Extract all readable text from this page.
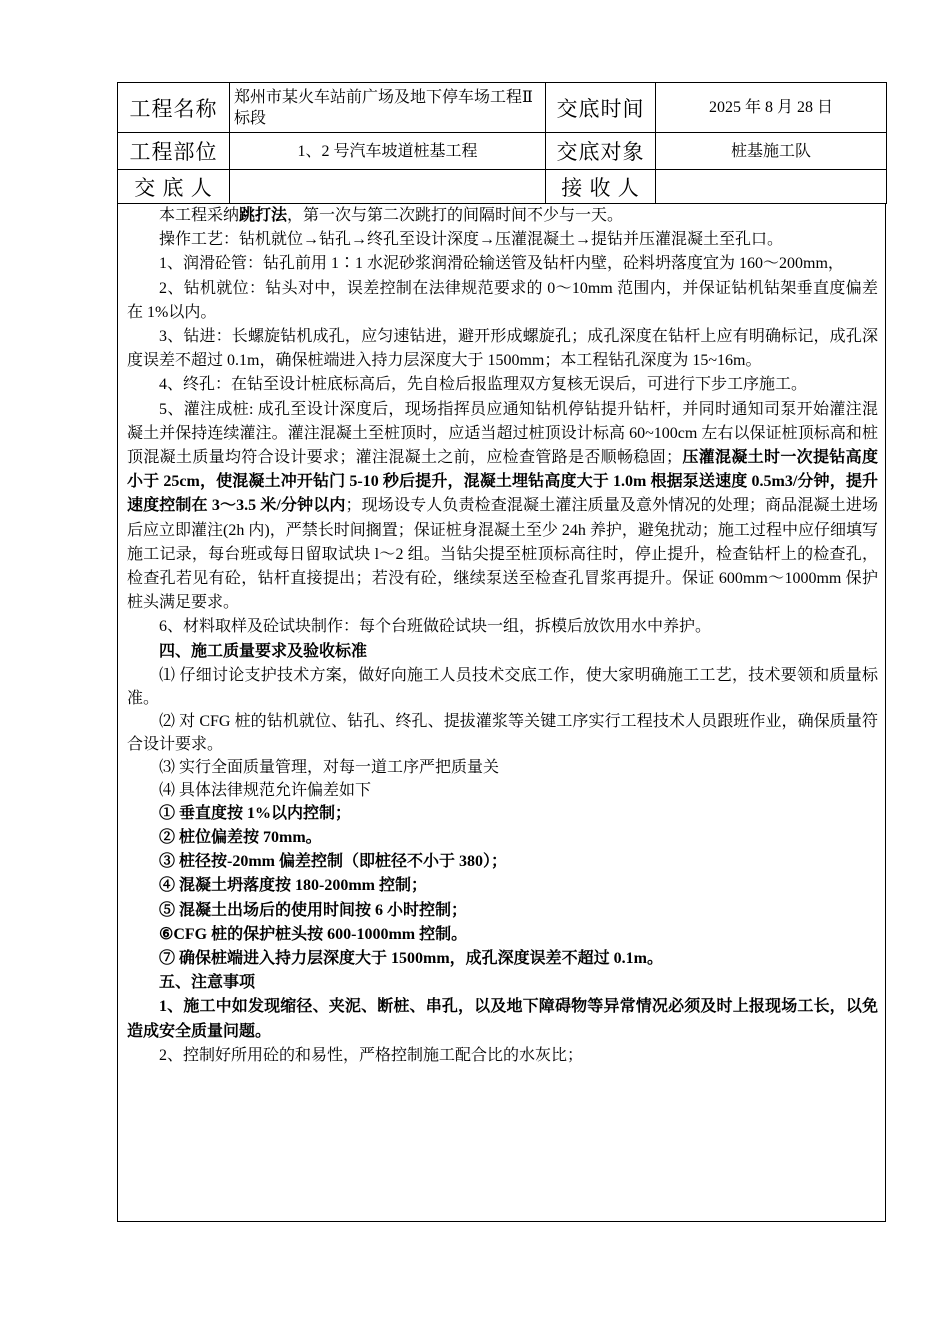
工程名称	郑州市某火车站前广场及地下停车场工程Ⅱ标段	交底时间	2025 年 8 月 28 日
工程部位	1、2 号汽车坡道桩基工程	交底对象	桩基施工队
交 底 人		接 收 人	

本工程采纳跳打法，第一次与第二次跳打的间隔时间不少与一天。

操作工艺：钻机就位→钻孔→终孔至设计深度→压灌混凝土→提钻并压灌混凝土至孔口。

1、润滑砼管：钻孔前用 1∶1 水泥砂浆润滑砼输送管及钻杆内壁，砼料坍落度宜为 160～200mm，

2、钻机就位：钻头对中，误差控制在法律规范要求的 0～10mm 范围内，并保证钻机钻架垂直度偏差在 1%以内。

3、钻进：长螺旋钻机成孔，应匀速钻进，避开形成螺旋孔；成孔深度在钻杆上应有明确标记，成孔深度误差不超过 0.1m，确保桩端进入持力层深度大于 1500mm；本工程钻孔深度为 15~16m。

4、终孔：在钻至设计桩底标高后，先自检后报监理双方复核无误后，可进行下步工序施工。

5、灌注成桩: 成孔至设计深度后，现场指挥员应通知钻机停钻提升钻杆，并同时通知司泵开始灌注混凝土并保持连续灌注。灌注混凝土至桩顶时，应适当超过桩顶设计标高 60~100cm 左右以保证桩顶标高和桩顶混凝土质量均符合设计要求；灌注混凝土之前，应检查管路是否顺畅稳固；压灌混凝土时一次提钻高度小于 25cm，使混凝土冲开钻门 5-10 秒后提升，混凝土埋钻高度大于 1.0m 根据泵送速度 0.5m3/分钟，提升速度控制在 3～3.5 米/分钟以内；现场设专人负责检查混凝土灌注质量及意外情况的处理；商品混凝土进场后应立即灌注(2h 内)，严禁长时间搁置；保证桩身混凝土至少 24h 养护，避兔扰动；施工过程中应仔细填写施工记录，每台班或每日留取试块 l～2 组。当钻尖提至桩顶标高往时，停止提升，检查钻杆上的检查孔，检查孔若见有砼，钻杆直接提出；若没有砼，继续泵送至检查孔冒浆再提升。保证 600mm～1000mm 保护桩头满足要求。

6、材料取样及砼试块制作：每个台班做砼试块一组，拆模后放饮用水中养护。

四、施工质量要求及验收标准

⑴ 仔细讨论支护技术方案，做好向施工人员技术交底工作，使大家明确施工工艺，技术要领和质量标准。

⑵ 对 CFG 桩的钻机就位、钻孔、终孔、提拔灌浆等关键工序实行工程技术人员跟班作业，确保质量符合设计要求。

⑶ 实行全面质量管理，对每一道工序严把质量关

⑷ 具体法律规范允许偏差如下

① 垂直度按 1%以内控制；

② 桩位偏差按 70mm。

③ 桩径按-20mm 偏差控制（即桩径不小于 380）；

④ 混凝土坍落度按 180-200mm 控制；

⑤ 混凝土出场后的使用时间按 6 小时控制；

⑥CFG 桩的保护桩头按 600-1000mm 控制。

⑦ 确保桩端进入持力层深度大于 1500mm，成孔深度误差不超过 0.1m。

五、注意事项

1、施工中如发现缩径、夹泥、断桩、串孔，以及地下障碍物等异常情况必须及时上报现场工长，以免造成安全质量问题。

2、控制好所用砼的和易性，严格控制施工配合比的水灰比；
